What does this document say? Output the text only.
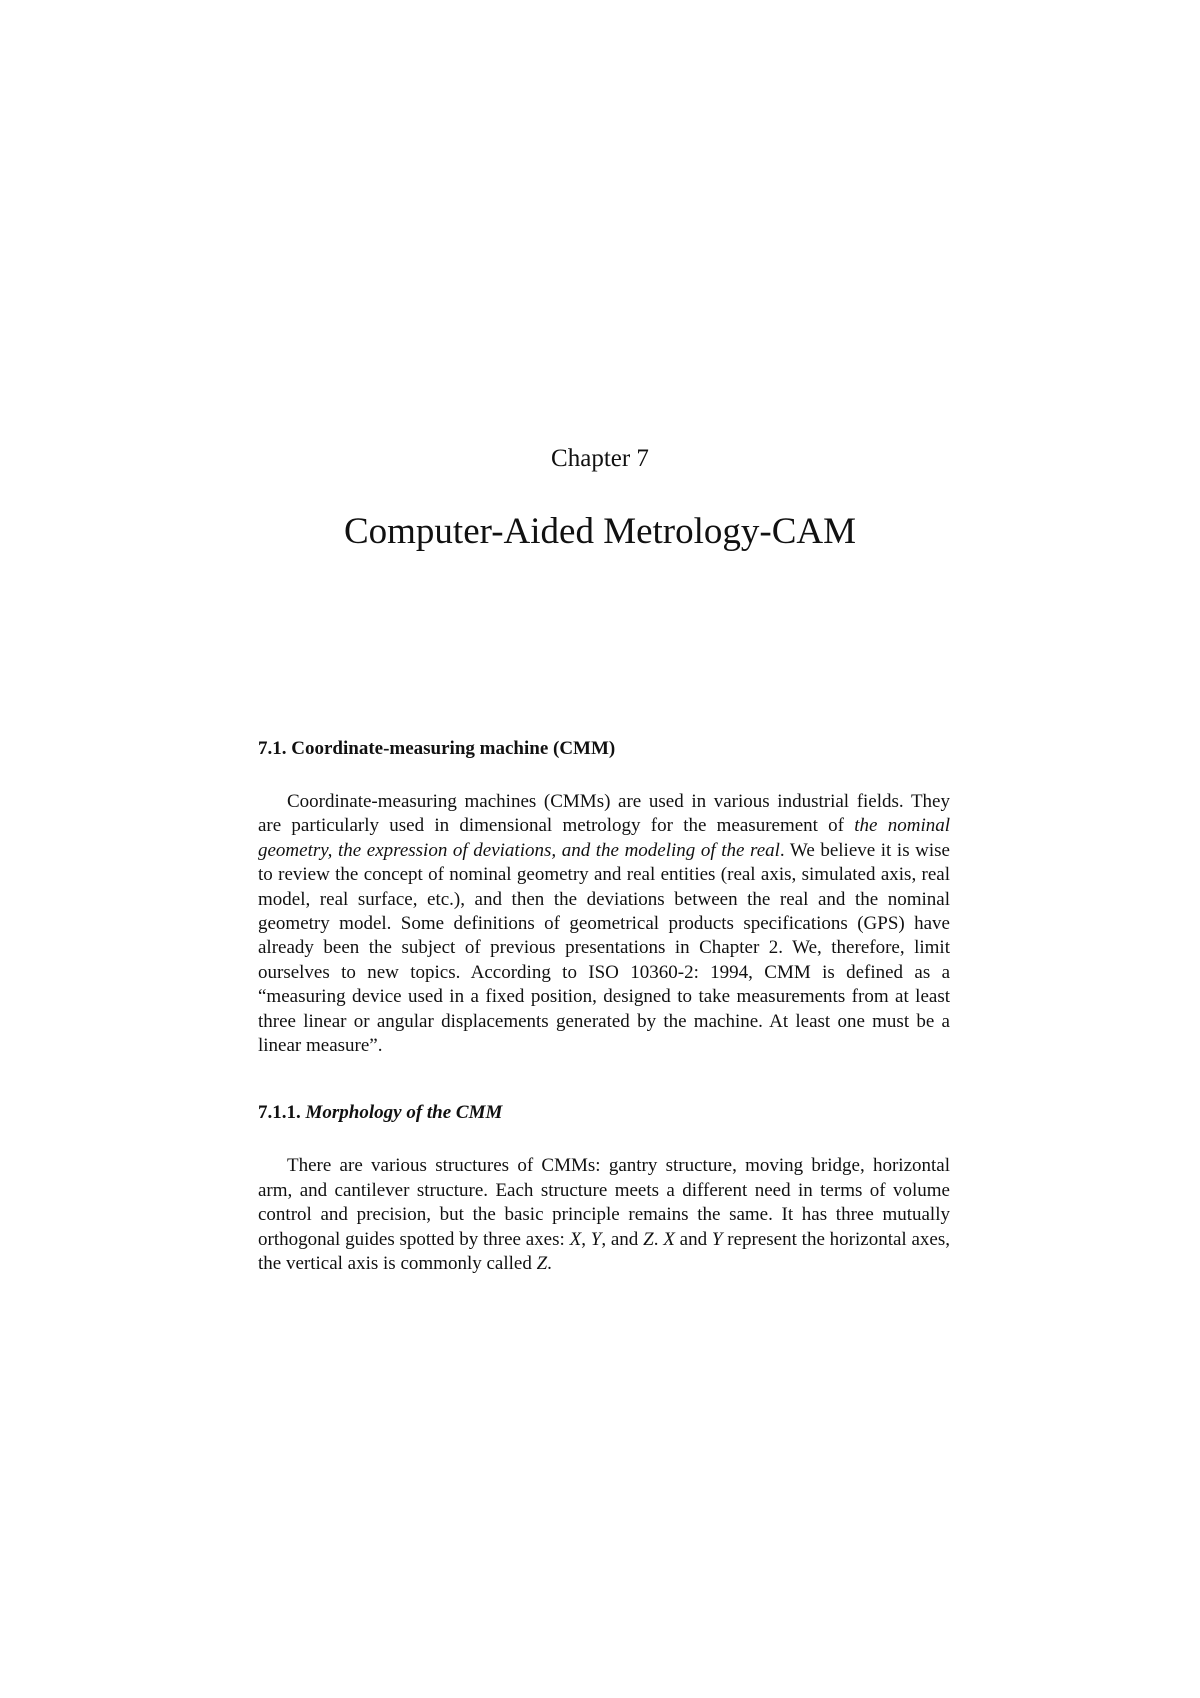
Chapter 7
Computer-Aided Metrology-CAM
7.1. Coordinate-measuring machine (CMM)

Coordinate-measuring machines (CMMs) are used in various industrial fields. They are particularly used in dimensional metrology for the measurement of the nominal geometry, the expression of deviations, and the modeling of the real. We believe it is wise to review the concept of nominal geometry and real entities (real axis, simulated axis, real model, real surface, etc.), and then the deviations between the real and the nominal geometry model. Some definitions of geometrical products specifications (GPS) have already been the subject of previous presentations in Chapter 2. We, therefore, limit ourselves to new topics. According to ISO 10360-2: 1994, CMM is defined as a “measuring device used in a fixed position, designed to take measurements from at least three linear or angular displacements generated by the machine. At least one must be a linear measure”.

7.1.1. Morphology of the CMM

There are various structures of CMMs: gantry structure, moving bridge, horizontal arm, and cantilever structure. Each structure meets a different need in terms of volume control and precision, but the basic principle remains the same. It has three mutually orthogonal guides spotted by three axes: X, Y, and Z. X and Y represent the horizontal axes, the vertical axis is commonly called Z.
